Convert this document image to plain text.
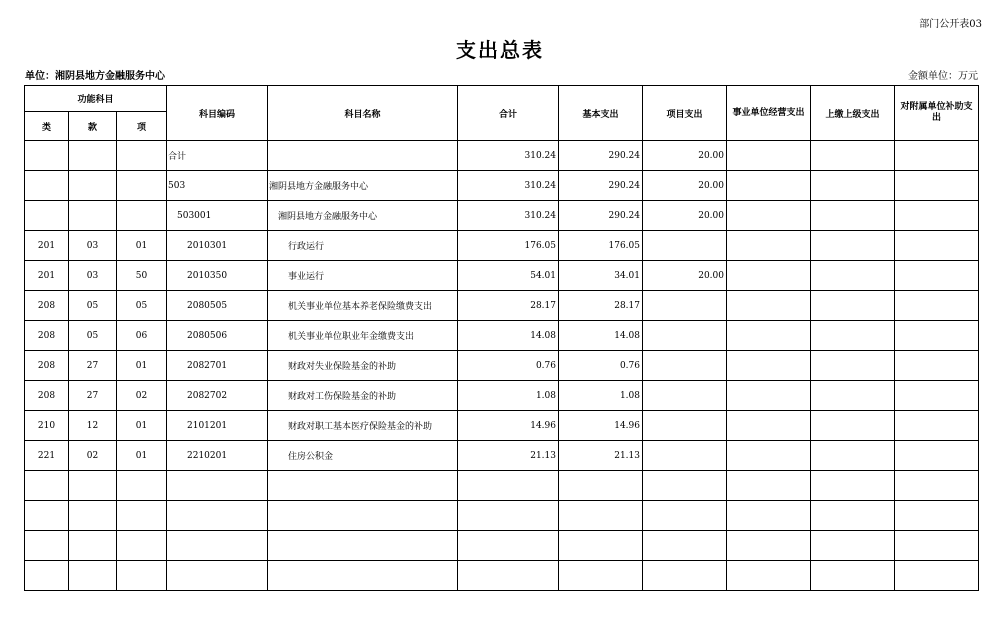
部门公开表03
支出总表
单位：湘阴县地方金融服务中心	金额单位：万元
功能科目			科目编码	科目名称	合计	基本支出	项目支出	事业单位经营支出	上缴上级支出	对附属单位补助支出
类	款	项								
			合计		310.24	290.24	20.00			
			503	湘阴县地方金融服务中心	310.24	290.24	20.00			
			503001	湘阴县地方金融服务中心	310.24	290.24	20.00			
201	03	01	2010301	行政运行	176.05	176.05				
201	03	50	2010350	事业运行	54.01	34.01	20.00			
208	05	05	2080505	机关事业单位基本养老保险缴费支出	28.17	28.17				
208	05	06	2080506	机关事业单位职业年金缴费支出	14.08	14.08				
208	27	01	2082701	财政对失业保险基金的补助	0.76	0.76				
208	27	02	2082702	财政对工伤保险基金的补助	1.08	1.08				
210	12	01	2101201	财政对职工基本医疗保险基金的补助	14.96	14.96				
221	02	01	2210201	住房公积金	21.13	21.13				
